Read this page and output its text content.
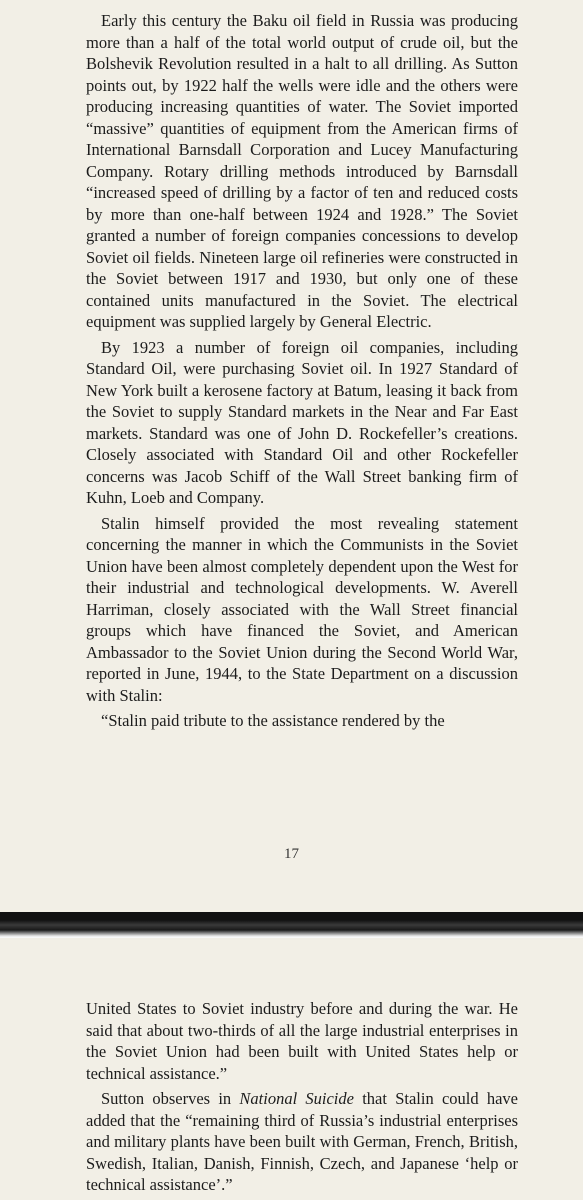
Early this century the Baku oil field in Russia was producing more than a half of the total world output of crude oil, but the Bolshevik Revolution resulted in a halt to all drilling. As Sutton points out, by 1922 half the wells were idle and the others were producing increasing quantities of water. The Soviet imported “massive” quantities of equipment from the American firms of International Barnsdall Corporation and Lucey Manufacturing Company. Rotary drilling methods introduced by Barnsdall “increased speed of drilling by a factor of ten and reduced costs by more than one-half between 1924 and 1928.” The Soviet granted a number of foreign companies concessions to develop Soviet oil fields. Nineteen large oil refineries were constructed in the Soviet between 1917 and 1930, but only one of these contained units manufactured in the Soviet. The electrical equipment was supplied largely by General Electric.

By 1923 a number of foreign oil companies, including Standard Oil, were purchasing Soviet oil. In 1927 Standard of New York built a kerosene factory at Batum, leasing it back from the Soviet to supply Standard markets in the Near and Far East markets. Standard was one of John D. Rockefeller’s creations. Closely associated with Standard Oil and other Rockefeller concerns was Jacob Schiff of the Wall Street banking firm of Kuhn, Loeb and Company.

Stalin himself provided the most revealing statement concerning the manner in which the Communists in the Soviet Union have been almost completely dependent upon the West for their industrial and technological developments. W. Averell Harriman, closely associated with the Wall Street financial groups which have financed the Soviet, and American Ambassador to the Soviet Union during the Second World War, reported in June, 1944, to the State Department on a discussion with Stalin:

“Stalin paid tribute to the assistance rendered by the

17

United States to Soviet industry before and during the war. He said that about two-thirds of all the large industrial enterprises in the Soviet Union had been built with United States help or technical assistance.”

Sutton observes in National Suicide that Stalin could have added that the “remaining third of Russia’s industrial enterprises and military plants have been built with German, French, British, Swedish, Italian, Danish, Finnish, Czech, and Japanese ‘help or technical assistance’.”
